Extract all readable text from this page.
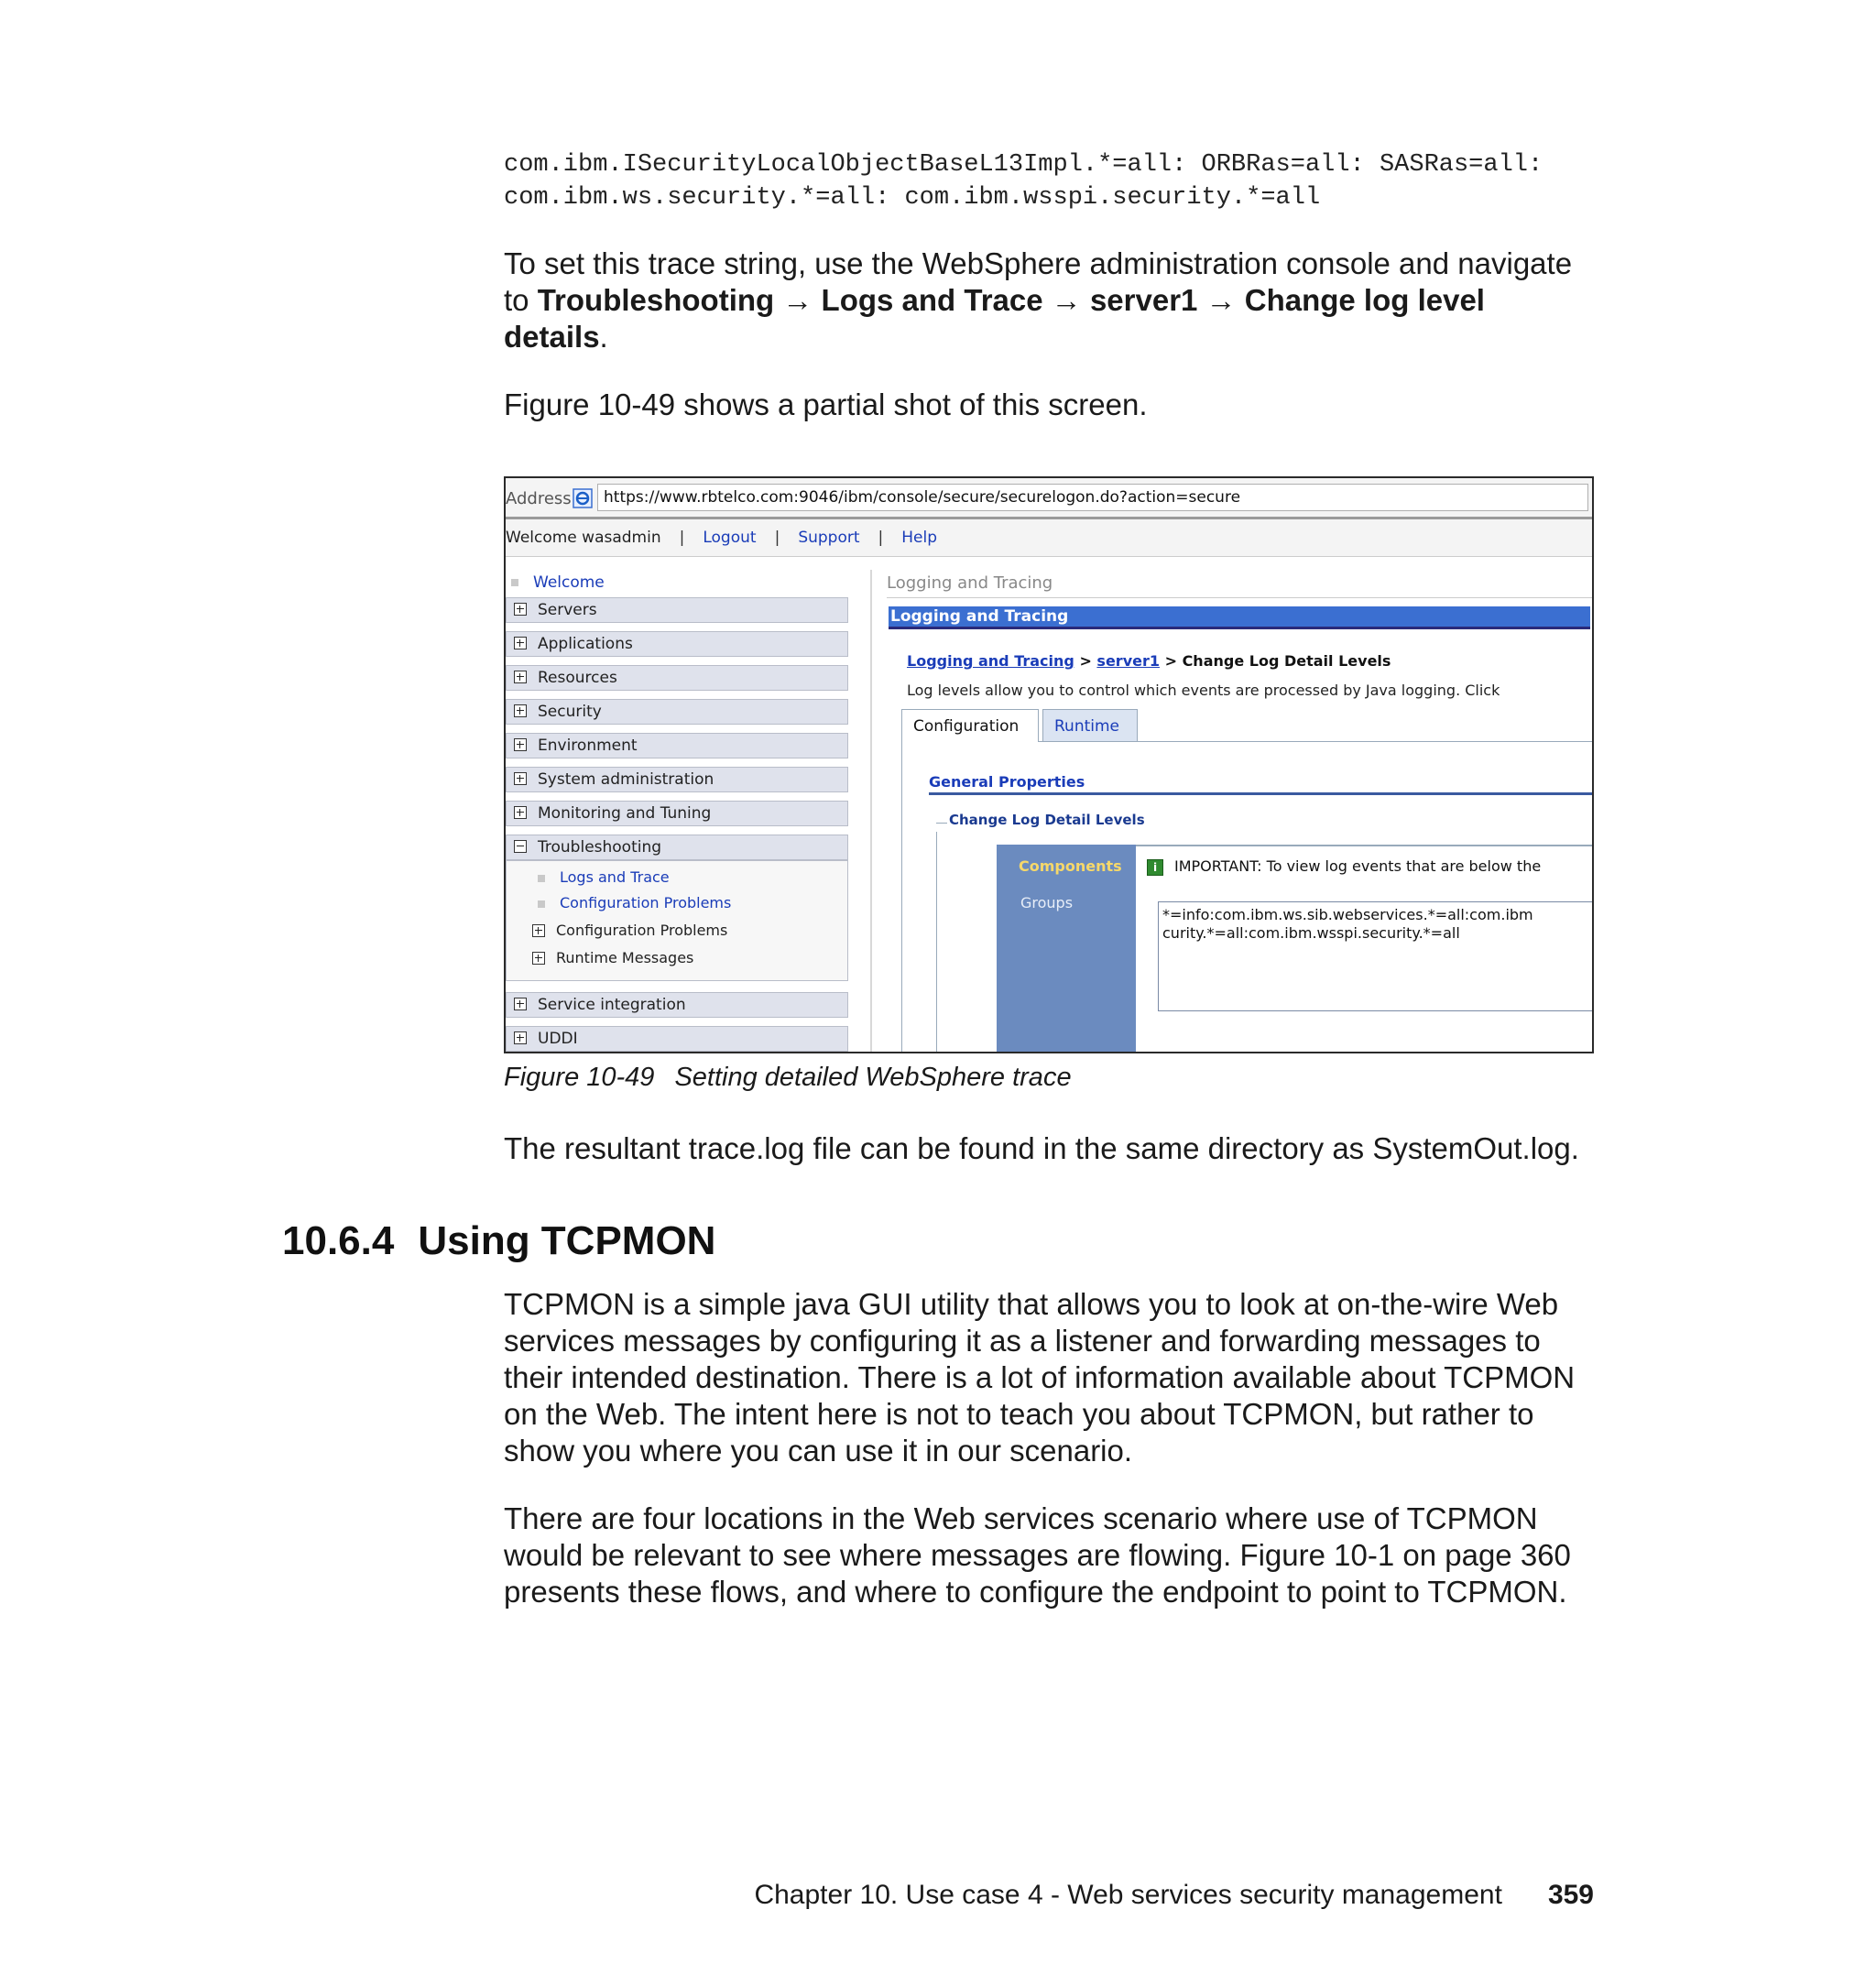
com.ibm.ISecurityLocalObjectBaseL13Impl.*=all: ORBRas=all: SASRas=all:
com.ibm.ws.security.*=all: com.ibm.wsspi.security.*=all
To set this trace string, use the WebSphere administration console and navigate to Troubleshooting → Logs and Trace → server1 → Change log level details.
Figure 10-49 shows a partial shot of this screen.
Address	https://www.rbtelco.com:9046/ibm/console/secure/securelogon.do?action=secure
Welcome wasadmin | Logout | Support | Help
Welcome
Servers
Applications
Resources
Security
Environment
System administration
Monitoring and Tuning
Troubleshooting
Logs and Trace
Configuration Problems
Configuration Problems
Runtime Messages
Service integration
UDDI
Logging and Tracing
Logging and Tracing
Logging and Tracing > server1 > Change Log Detail Levels
Log levels allow you to control which events are processed by Java logging. Click
Configuration	Runtime
General Properties
Change Log Detail Levels
Components
Groups
i IMPORTANT: To view log events that are below the
*=info:com.ibm.ws.sib.webservices.*=all:com.ibm
curity.*=all:com.ibm.wsspi.security.*=all
Figure 10-49 Setting detailed WebSphere trace
The resultant trace.log file can be found in the same directory as SystemOut.log.
10.6.4 Using TCPMON
TCPMON is a simple java GUI utility that allows you to look at on-the-wire Web services messages by configuring it as a listener and forwarding messages to their intended destination. There is a lot of information available about TCPMON on the Web. The intent here is not to teach you about TCPMON, but rather to show you where you can use it in our scenario.
There are four locations in the Web services scenario where use of TCPMON would be relevant to see where messages are flowing. Figure 10-1 on page 360 presents these flows, and where to configure the endpoint to point to TCPMON.
Chapter 10. Use case 4 - Web services security management 359
